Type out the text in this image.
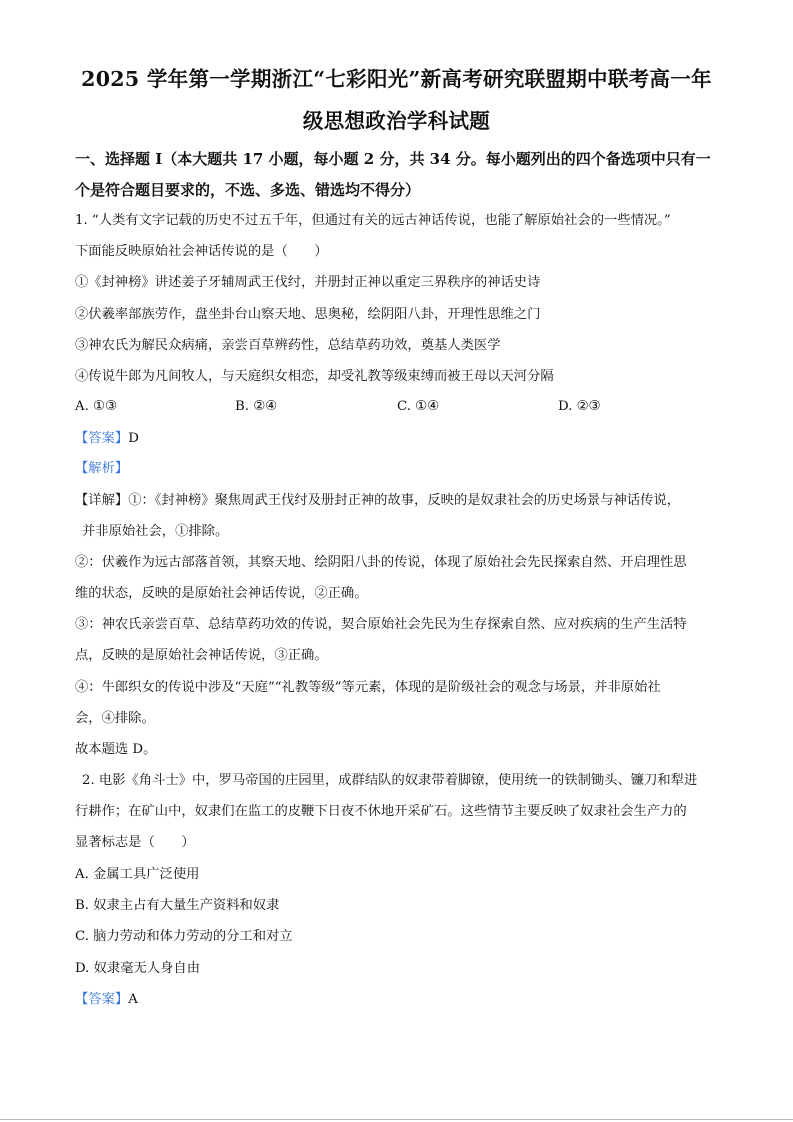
2025 学年第一学期浙江“七彩阳光”新高考研究联盟期中联考高一年
级思想政治学科试题
一、选择题 I（本大题共 17 小题，每小题 2 分，共 34 分。每小题列出的四个备选项中只有一
个是符合题目要求的，不选、多选、错选均不得分）
1. “人类有文字记载的历史不过五千年，但通过有关的远古神话传说，也能了解原始社会的一些情况。”
下面能反映原始社会神话传说的是（　　）
①《封神榜》讲述姜子牙辅周武王伐纣，并册封正神以重定三界秩序的神话史诗
②伏羲率部族劳作，盘坐卦台山察天地、思奥秘，绘阴阳八卦，开理性思维之门
③神农氏为解民众病痛，亲尝百草辨药性，总结草药功效，奠基人类医学
④传说牛郎为凡间牧人，与天庭织女相恋，却受礼教等级束缚而被王母以天河分隔
A. ①③	B. ②④	C. ①④	D. ②③
【答案】D
【解析】
【详解】①：《封神榜》聚焦周武王伐纣及册封正神的故事，反映的是奴隶社会的历史场景与神话传说，
并非原始社会，①排除。
②：伏羲作为远古部落首领，其察天地、绘阴阳八卦的传说，体现了原始社会先民探索自然、开启理性思
维的状态，反映的是原始社会神话传说，②正确。
③：神农氏亲尝百草、总结草药功效的传说，契合原始社会先民为生存探索自然、应对疾病的生产生活特
点，反映的是原始社会神话传说，③正确。
④：牛郎织女的传说中涉及“天庭”“礼教等级”等元素，体现的是阶级社会的观念与场景，并非原始社
会，④排除。
故本题选 D。
2. 电影《角斗士》中，罗马帝国的庄园里，成群结队的奴隶带着脚镣，使用统一的铁制锄头、镰刀和犁进
行耕作；在矿山中，奴隶们在监工的皮鞭下日夜不休地开采矿石。这些情节主要反映了奴隶社会生产力的
显著标志是（　　）
A. 金属工具广泛使用
B. 奴隶主占有大量生产资料和奴隶
C. 脑力劳动和体力劳动的分工和对立
D. 奴隶毫无人身自由
【答案】A
